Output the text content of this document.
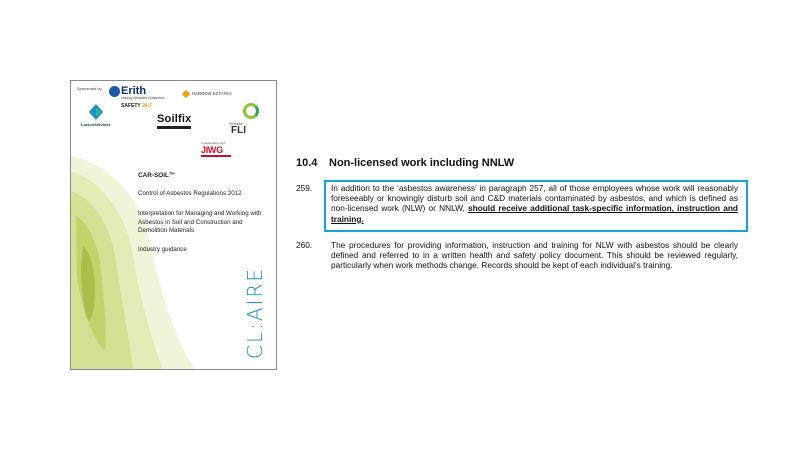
Sponsored by Erith
Leading Specialist Contractors
SAFETY 24.7
HARROW ESTATES
LucionServices	Soilfix	Vertase
FLI
In association with
JIWG
CAR-SOIL™
Control of Asbestos Regulations 2012
Interpretation for Managing and Working with Asbestos in Soil and Construction and Demolition Materials
Industry guidance
CL:AIRE
10.4 Non-licensed work including NNLW
259. In addition to the ‘asbestos awareness’ in paragraph 257, all of those employees whose work will reasonably foreseeably or knowingly disturb soil and C&D materials contaminated by asbestos, and which is defined as non-licensed work (NLW) or NNLW, should receive additional task-specific information, instruction and training.
260. The procedures for providing information, instruction and training for NLW with asbestos should be clearly defined and referred to in a written health and safety policy document. This should be reviewed regularly, particularly when work methods change. Records should be kept of each individual’s training.
